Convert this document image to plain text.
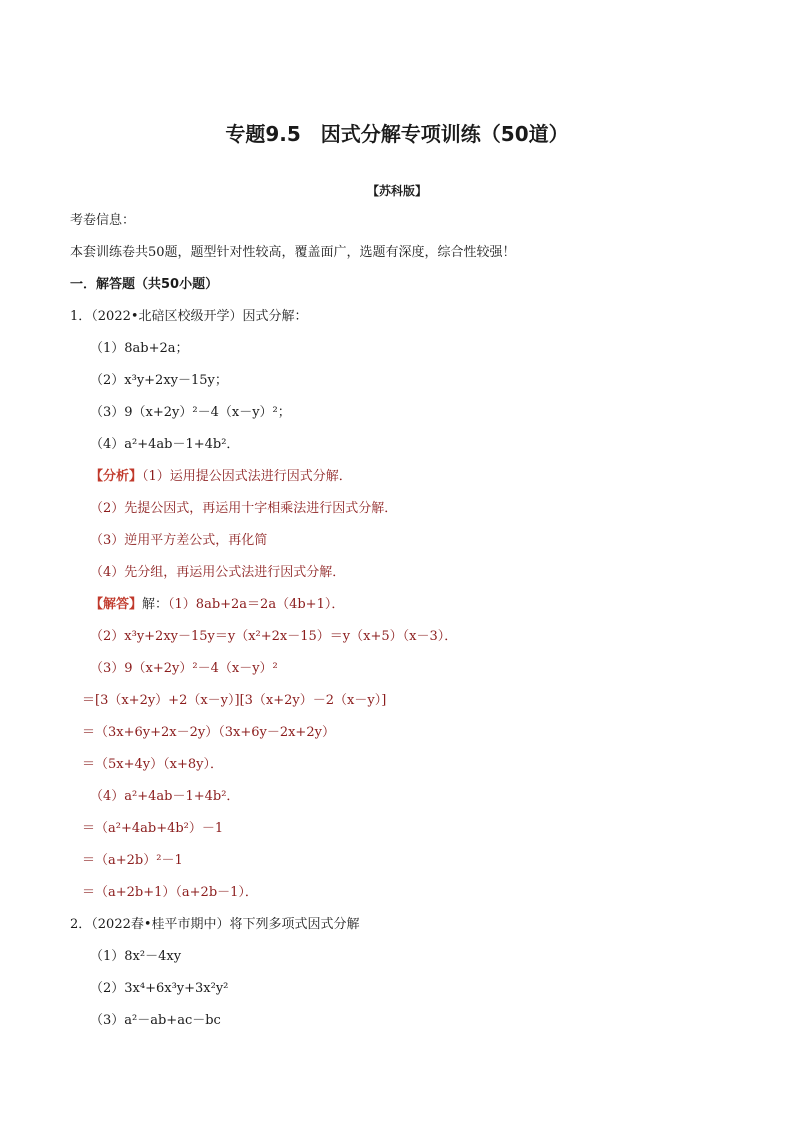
专题9.5　因式分解专项训练（50道）
【苏科版】
考卷信息：
本套训练卷共50题，题型针对性较高，覆盖面广，选题有深度，综合性较强！
一．解答题（共50小题）
1．（2022•北碚区校级开学）因式分解：
（1）8ab+2a；
（2）x³y+2xy－15y；
（3）9（x+2y）²－4（x－y）²；
（4）a²+4ab－1+4b²．
【分析】（1）运用提公因式法进行因式分解．
（2）先提公因式，再运用十字相乘法进行因式分解．
（3）逆用平方差公式，再化简
（4）先分组，再运用公式法进行因式分解．
【解答】解：（1）8ab+2a＝2a（4b+1）．
（2）x³y+2xy－15y＝y（x²+2x－15）＝y（x+5）（x－3）．
（3）9（x+2y）²－4（x－y）²
＝[3（x+2y）+2（x－y）][3（x+2y）－2（x－y）]
＝（3x+6y+2x－2y）（3x+6y－2x+2y）
＝（5x+4y）（x+8y）．
（4）a²+4ab－1+4b²．
＝（a²+4ab+4b²）－1
＝（a+2b）²－1
＝（a+2b+1）（a+2b－1）．
2．（2022春•桂平市期中）将下列多项式因式分解
（1）8x²－4xy
（2）3x⁴+6x³y+3x²y²
（3）a²－ab+ac－bc
